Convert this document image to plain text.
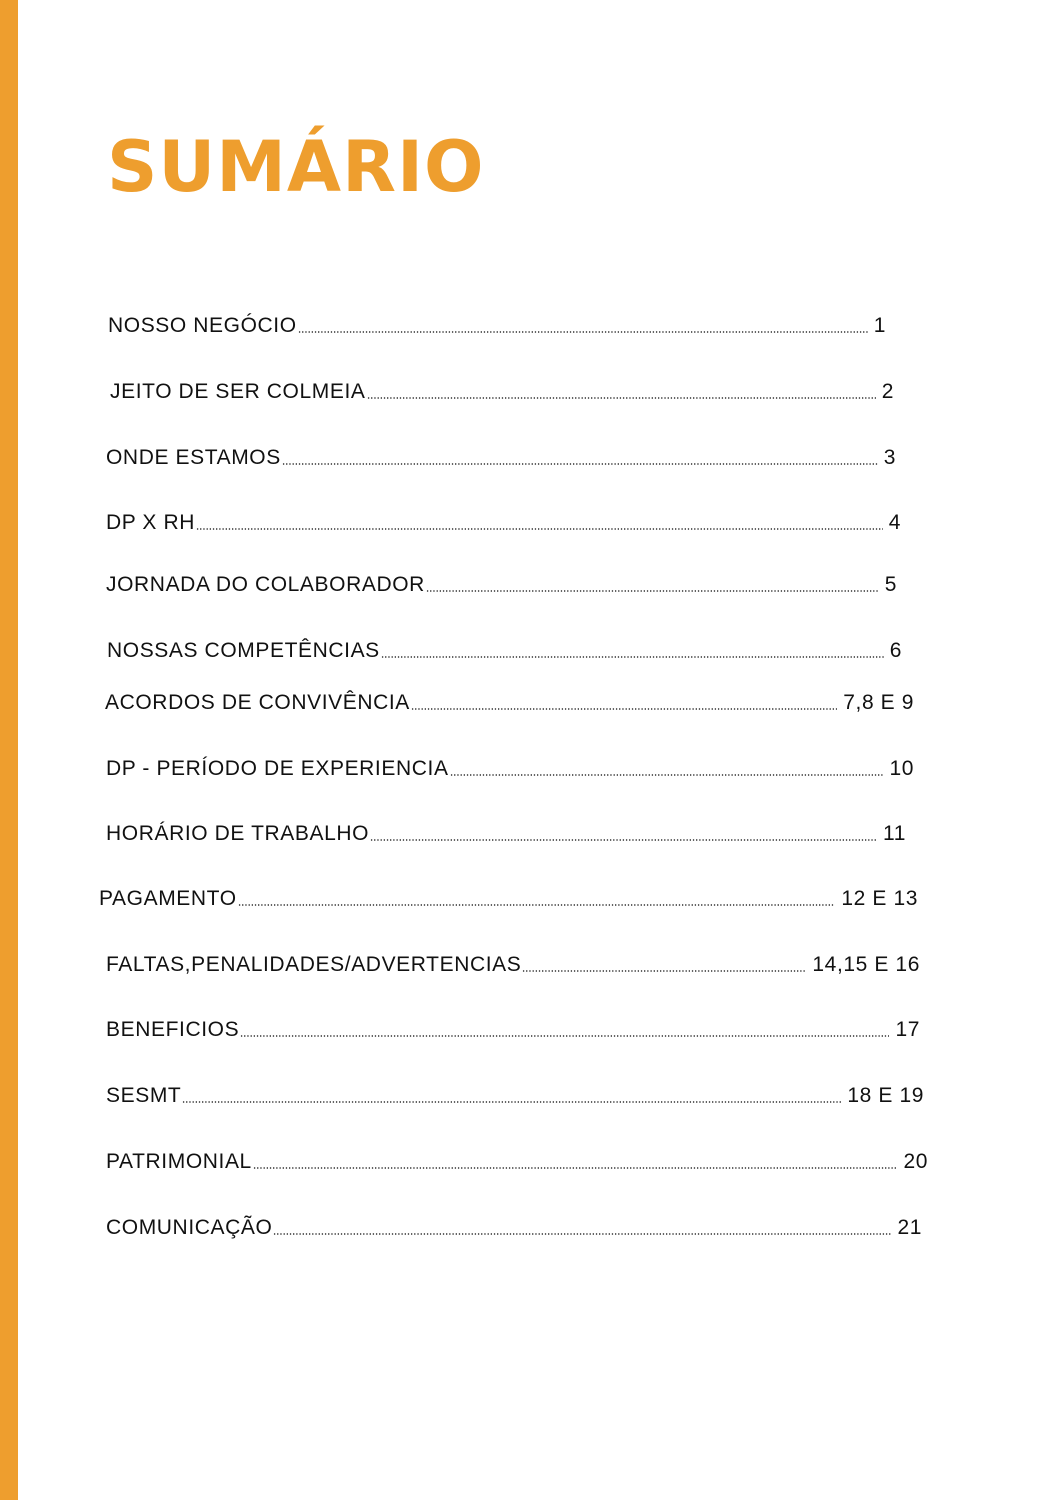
SUMÁRIO
NOSSO NEGÓCIO	1
JEITO DE SER COLMEIA	2
ONDE ESTAMOS	3
DP X RH	4
JORNADA DO COLABORADOR	5
NOSSAS COMPETÊNCIAS	6
ACORDOS DE CONVIVÊNCIA	7,8 E 9
DP - PERÍODO DE EXPERIENCIA	10
HORÁRIO DE TRABALHO	11
PAGAMENTO	12 E 13
FALTAS,PENALIDADES/ADVERTENCIAS	14,15 E 16
BENEFICIOS	17
SESMT	18 E 19
PATRIMONIAL	20
COMUNICAÇÃO	21
